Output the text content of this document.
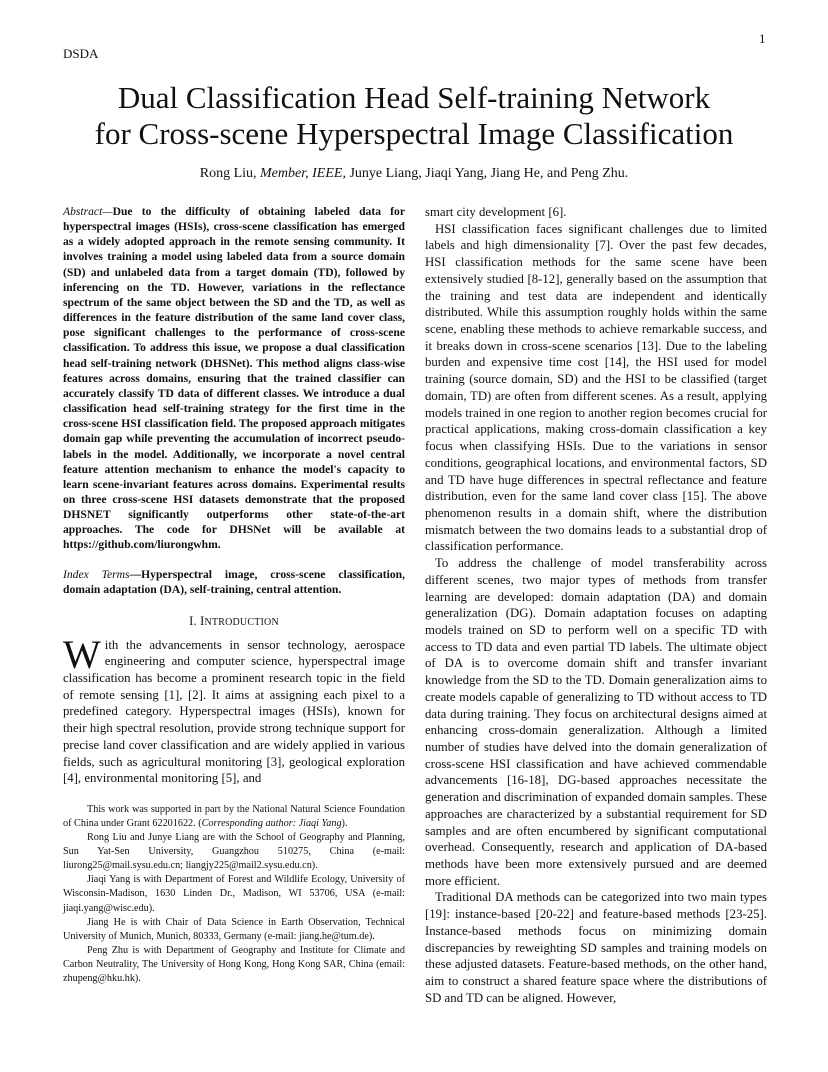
DSDA
1
Dual Classification Head Self-training Network
for Cross-scene Hyperspectral Image Classification
Rong Liu, Member, IEEE, Junye Liang, Jiaqi Yang, Jiang He, and Peng Zhu.
Abstract—Due to the difficulty of obtaining labeled data for hyperspectral images (HSIs), cross-scene classification has emerged as a widely adopted approach in the remote sensing community. It involves training a model using labeled data from a source domain (SD) and unlabeled data from a target domain (TD), followed by inferencing on the TD. However, variations in the reflectance spectrum of the same object between the SD and the TD, as well as differences in the feature distribution of the same land cover class, pose significant challenges to the performance of cross-scene classification. To address this issue, we propose a dual classification head self-training network (DHSNet). This method aligns class-wise features across domains, ensuring that the trained classifier can accurately classify TD data of different classes. We introduce a dual classification head self-training strategy for the first time in the cross-scene HSI classification field. The proposed approach mitigates domain gap while preventing the accumulation of incorrect pseudo-labels in the model. Additionally, we incorporate a novel central feature attention mechanism to enhance the model's capacity to learn scene-invariant features across domains. Experimental results on three cross-scene HSI datasets demonstrate that the proposed DHSNET significantly outperforms other state-of-the-art approaches. The code for DHSNet will be available at https://github.com/liurongwhm.
Index Terms—Hyperspectral image, cross-scene classification, domain adaptation (DA), self-training, central attention.
I. INTRODUCTION
With the advancements in sensor technology, aerospace engineering and computer science, hyperspectral image classification has become a prominent research topic in the field of remote sensing [1], [2]. It aims at assigning each pixel to a predefined category. Hyperspectral images (HSIs), known for their high spectral resolution, provide strong technique support for precise land cover classification and are widely applied in various fields, such as agricultural monitoring [3], geological exploration [4], environmental monitoring [5], and

This work was supported in part by the National Natural Science Foundation of China under Grant 62201622. (Corresponding author: Jiaqi Yang).

Rong Liu and Junye Liang are with the School of Geography and Planning, Sun Yat-Sen University, Guangzhou 510275, China (e-mail: liurong25@mail.sysu.edu.cn; liangjy225@mail2.sysu.edu.cn).

Jiaqi Yang is with Department of Forest and Wildlife Ecology, University of Wisconsin-Madison, 1630 Linden Dr., Madison, WI 53706, USA (e-mail: jiaqi.yang@wisc.edu).

Jiang He is with Chair of Data Science in Earth Observation, Technical University of Munich, Munich, 80333, Germany (e-mail: jiang.he@tum.de).

Peng Zhu is with Department of Geography and Institute for Climate and Carbon Neutrality, The University of Hong Kong, Hong Kong SAR, China (email: zhupeng@hku.hk).

smart city development [6].

HSI classification faces significant challenges due to limited labels and high dimensionality [7]. Over the past few decades, HSI classification methods for the same scene have been extensively studied [8-12], generally based on the assumption that the training and test data are independent and identically distributed. While this assumption roughly holds within the same scene, enabling these methods to achieve remarkable success, and it breaks down in cross-scene scenarios [13]. Due to the labeling burden and expensive time cost [14], the HSI used for model training (source domain, SD) and the HSI to be classified (target domain, TD) are often from different scenes. As a result, applying models trained in one region to another region becomes crucial for practical applications, making cross-domain classification a key focus when classifying HSIs. Due to the variations in sensor conditions, geographical locations, and environmental factors, SD and TD have huge differences in spectral reflectance and feature distribution, even for the same land cover class [15]. The above phenomenon results in a domain shift, where the distribution mismatch between the two domains leads to a substantial drop of classification performance.

To address the challenge of model transferability across different scenes, two major types of methods from transfer learning are developed: domain adaptation (DA) and domain generalization (DG). Domain adaptation focuses on adapting models trained on SD to perform well on a specific TD with access to TD data and even partial TD labels. The ultimate object of DA is to overcome domain shift and transfer invariant knowledge from the SD to the TD. Domain generalization aims to create models capable of generalizing to TD without access to TD data during training. They focus on architectural designs aimed at enhancing cross-domain generalization. Although a limited number of studies have delved into the domain generalization of cross-scene HSI classification and have achieved commendable advancements [16-18], DG-based approaches necessitate the generation and discrimination of expanded domain samples. These approaches are characterized by a substantial requirement for SD samples and are often encumbered by significant computational overhead. Consequently, research and application of DA-based methods have been more extensively pursued and are deemed more efficient.

Traditional DA methods can be categorized into two main types [19]: instance-based [20-22] and feature-based methods [23-25]. Instance-based methods focus on minimizing domain discrepancies by reweighting SD samples and training models on these adjusted datasets. Feature-based methods, on the other hand, aim to construct a shared feature space where the distributions of SD and TD can be aligned. However,
